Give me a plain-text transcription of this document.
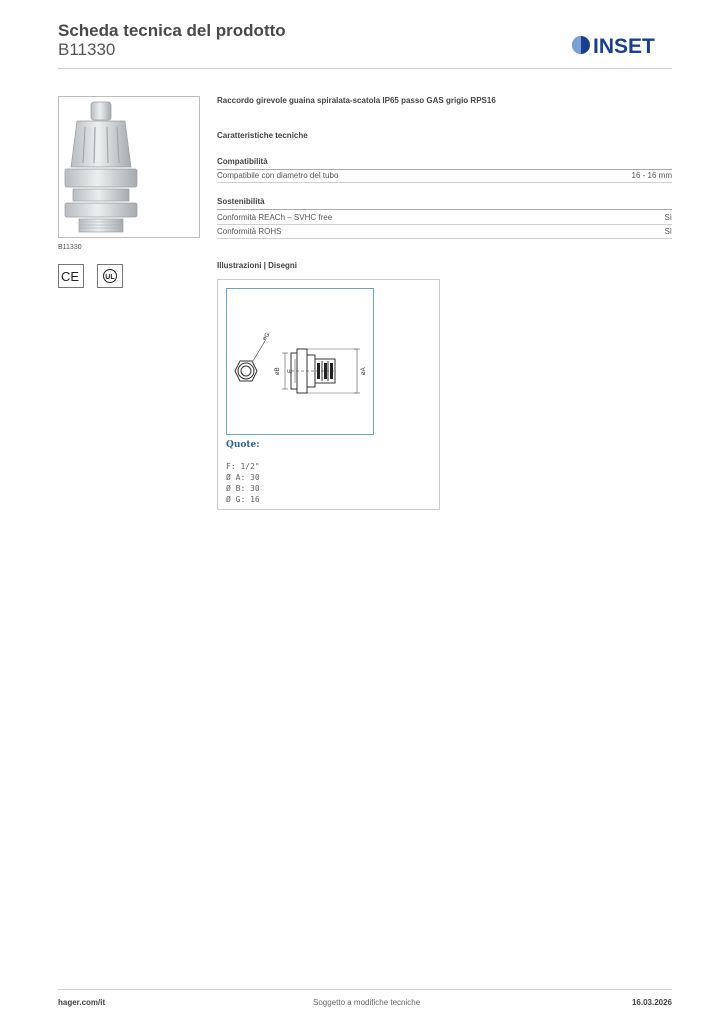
Scheda tecnica del prodotto
B11330	INSET
B11330
CE	UL
Raccordo girevole guaina spiralata-scatola IP65 passo GAS grigio RPS16
Caratteristiche tecniche
Compatibilità
Compatibile con diametro del tubo	16 - 16 mm
Sostenibilità
Conformità REACh – SVHC free	Sì
Conformità ROHS	Sì
Illustrazioni | Disegni
øG
øB F	øA
Quote:
F: 1/2"
Ø A: 30
Ø B: 30
Ø G: 16
hager.com/it	Soggetto a modifiche tecniche	16.03.2026
